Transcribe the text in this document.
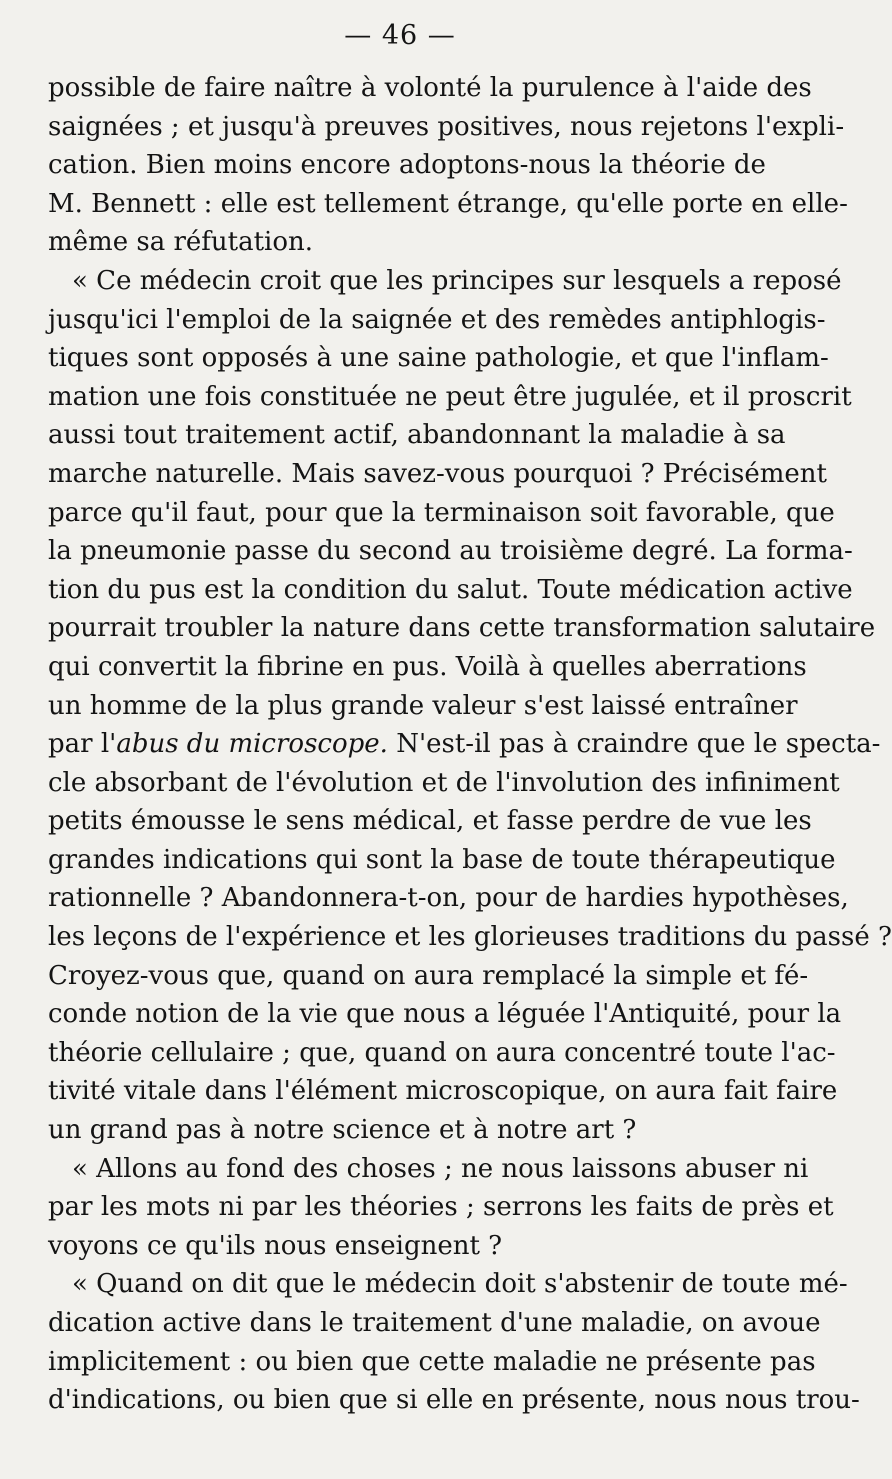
— 46 —
possible de faire naître à volonté la purulence à l'aide des
saignées ; et jusqu'à preuves positives, nous rejetons l'expli-
cation. Bien moins encore adoptons-nous la théorie de
M. Bennett : elle est tellement étrange, qu'elle porte en elle-
même sa réfutation.
« Ce médecin croit que les principes sur lesquels a reposé
jusqu'ici l'emploi de la saignée et des remèdes antiphlogis-
tiques sont opposés à une saine pathologie, et que l'inflam-
mation une fois constituée ne peut être jugulée, et il proscrit
aussi tout traitement actif, abandonnant la maladie à sa
marche naturelle. Mais savez-vous pourquoi ? Précisément
parce qu'il faut, pour que la terminaison soit favorable, que
la pneumonie passe du second au troisième degré. La forma-
tion du pus est la condition du salut. Toute médication active
pourrait troubler la nature dans cette transformation salutaire
qui convertit la fibrine en pus. Voilà à quelles aberrations
un homme de la plus grande valeur s'est laissé entraîner
par l'abus du microscope. N'est-il pas à craindre que le specta-
cle absorbant de l'évolution et de l'involution des infiniment
petits émousse le sens médical, et fasse perdre de vue les
grandes indications qui sont la base de toute thérapeutique
rationnelle ? Abandonnera-t-on, pour de hardies hypothèses,
les leçons de l'expérience et les glorieuses traditions du passé ?
Croyez-vous que, quand on aura remplacé la simple et fé-
conde notion de la vie que nous a léguée l'Antiquité, pour la
théorie cellulaire ; que, quand on aura concentré toute l'ac-
tivité vitale dans l'élément microscopique, on aura fait faire
un grand pas à notre science et à notre art ?
« Allons au fond des choses ; ne nous laissons abuser ni
par les mots ni par les théories ; serrons les faits de près et
voyons ce qu'ils nous enseignent ?
« Quand on dit que le médecin doit s'abstenir de toute mé-
dication active dans le traitement d'une maladie, on avoue
implicitement : ou bien que cette maladie ne présente pas
d'indications, ou bien que si elle en présente, nous nous trou-
